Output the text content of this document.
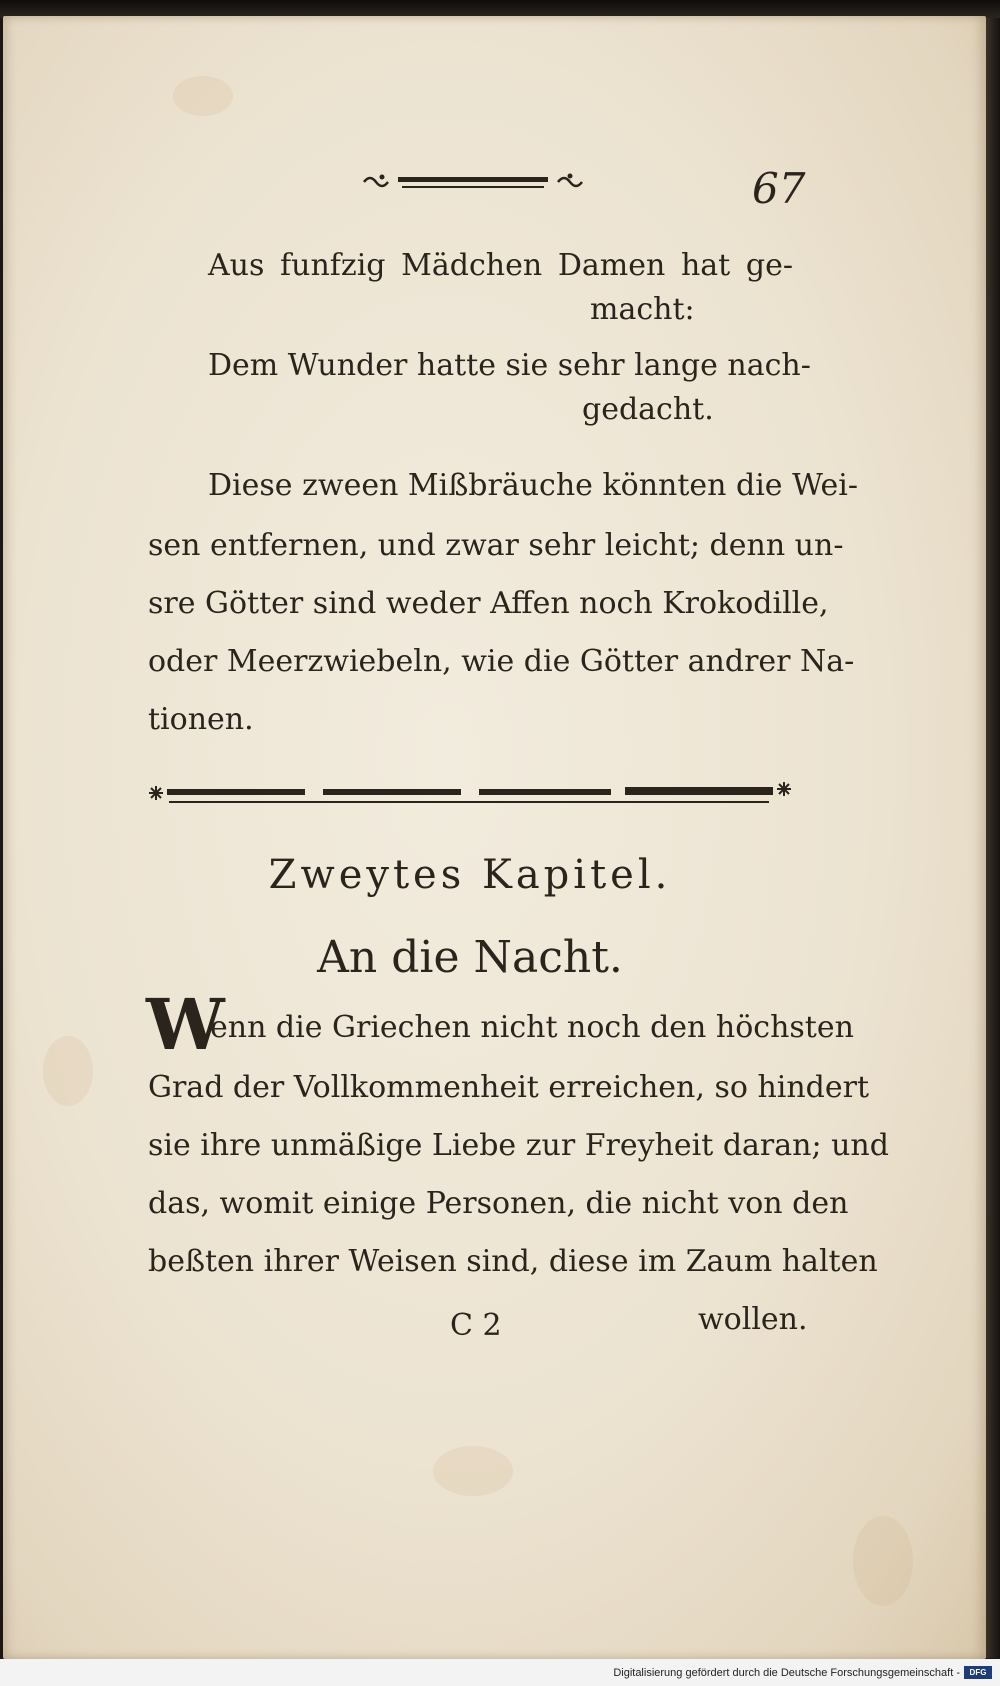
67
Aus funfzig Mädchen Damen hat ge-
macht:
Dem Wunder hatte sie sehr lange nach-
gedacht.
Diese zween Mißbräuche könnten die Wei-
sen entfernen, und zwar sehr leicht; denn un-
sre Götter sind weder Affen noch Krokodille,
oder Meerzwiebeln, wie die Götter andrer Na-
tionen.
Zweytes Kapitel.
An die Nacht.
W
enn die Griechen nicht noch den höchsten
Grad der Vollkommenheit erreichen, so hindert
sie ihre unmäßige Liebe zur Freyheit daran; und
das, womit einige Personen, die nicht von den
beßten ihrer Weisen sind, diese im Zaum halten
C 2	wollen.
Digitalisierung gefördert durch die Deutsche Forschungsgemeinschaft -	DFG
